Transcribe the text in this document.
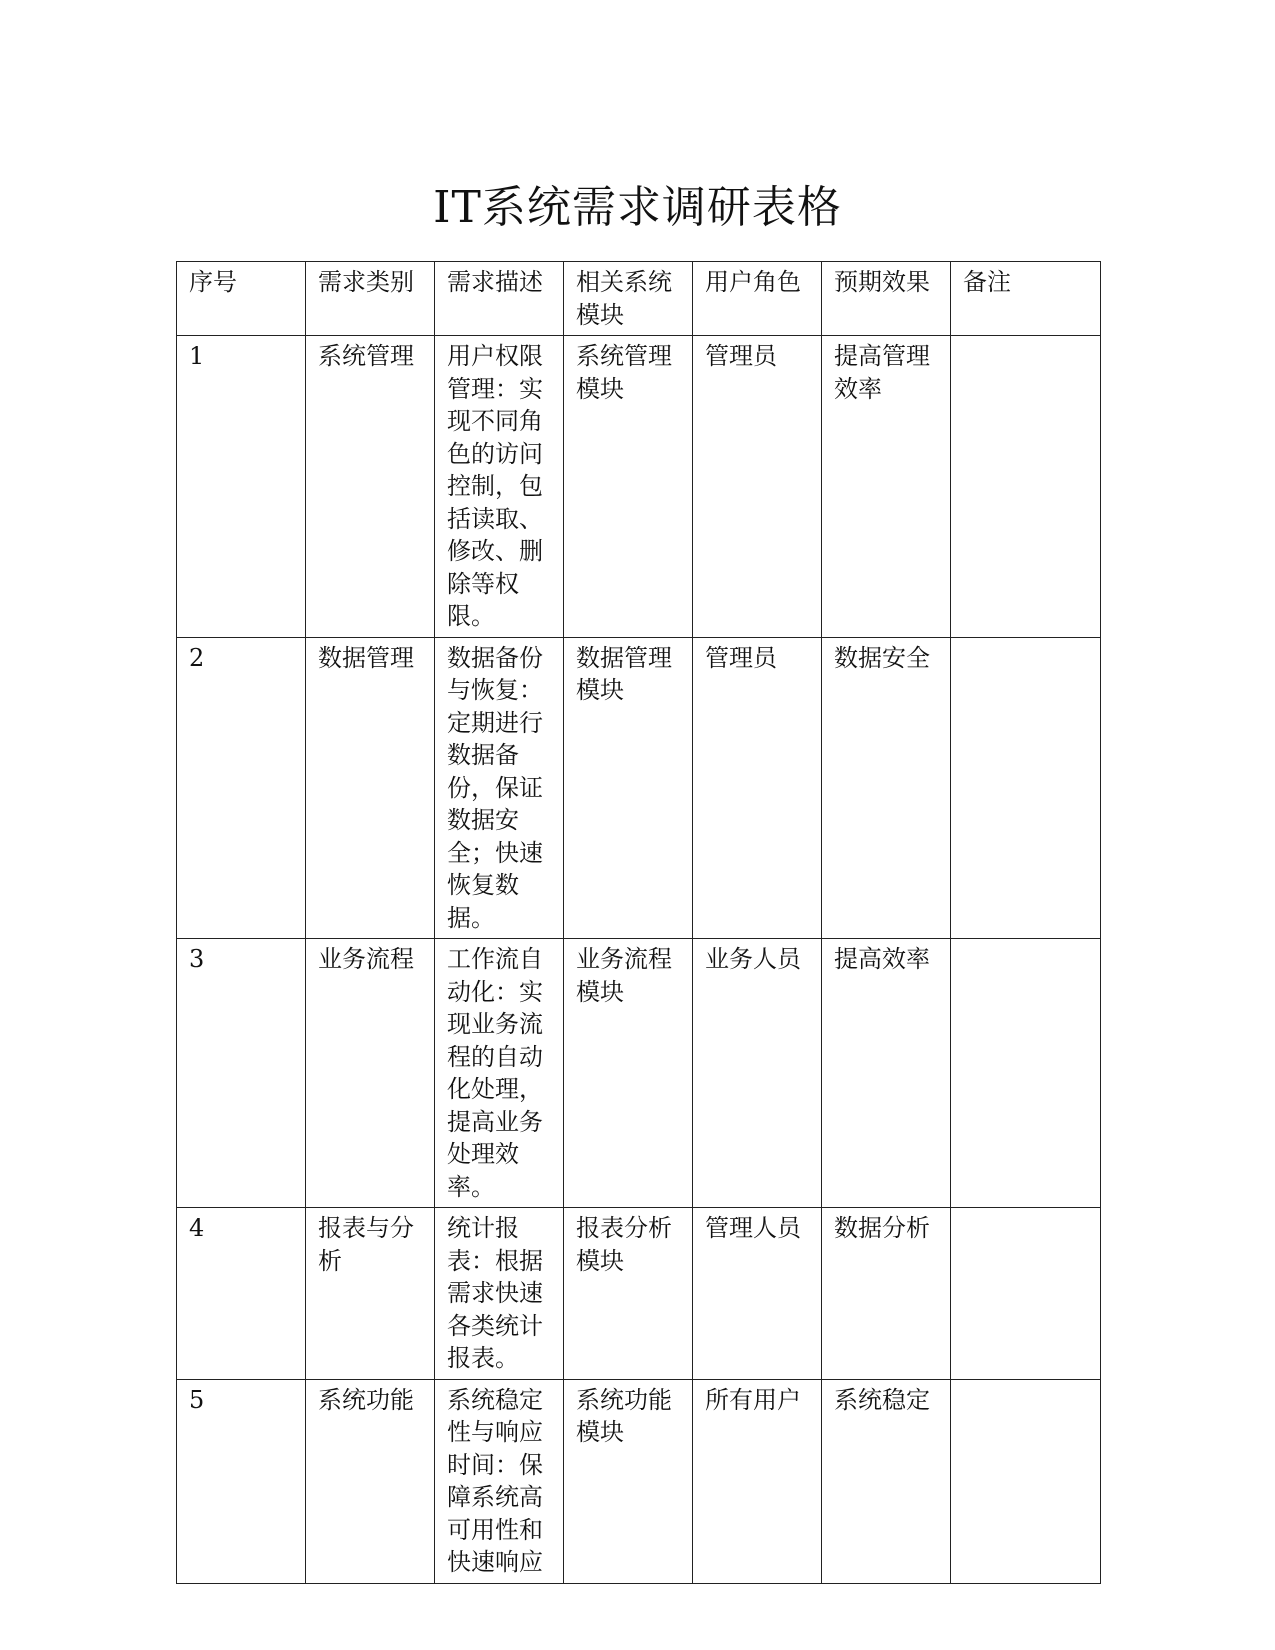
IT系统需求调研表格
序号	需求类别	需求描述	相关系统模块	用户角色	预期效果	备注
1	系统管理	用户权限管理：实现不同角色的访问控制，包括读取、修改、删除等权限。	系统管理模块	管理员	提高管理效率	
2	数据管理	数据备份与恢复：定期进行数据备份，保证数据安全；快速恢复数据。	数据管理模块	管理员	数据安全	
3	业务流程	工作流自动化：实现业务流程的自动化处理，提高业务处理效率。	业务流程模块	业务人员	提高效率	
4	报表与分析	统计报表：根据需求快速各类统计报表。	报表分析模块	管理人员	数据分析	
5	系统功能	系统稳定性与响应时间：保障系统高可用性和快速响应	系统功能模块	所有用户	系统稳定	
